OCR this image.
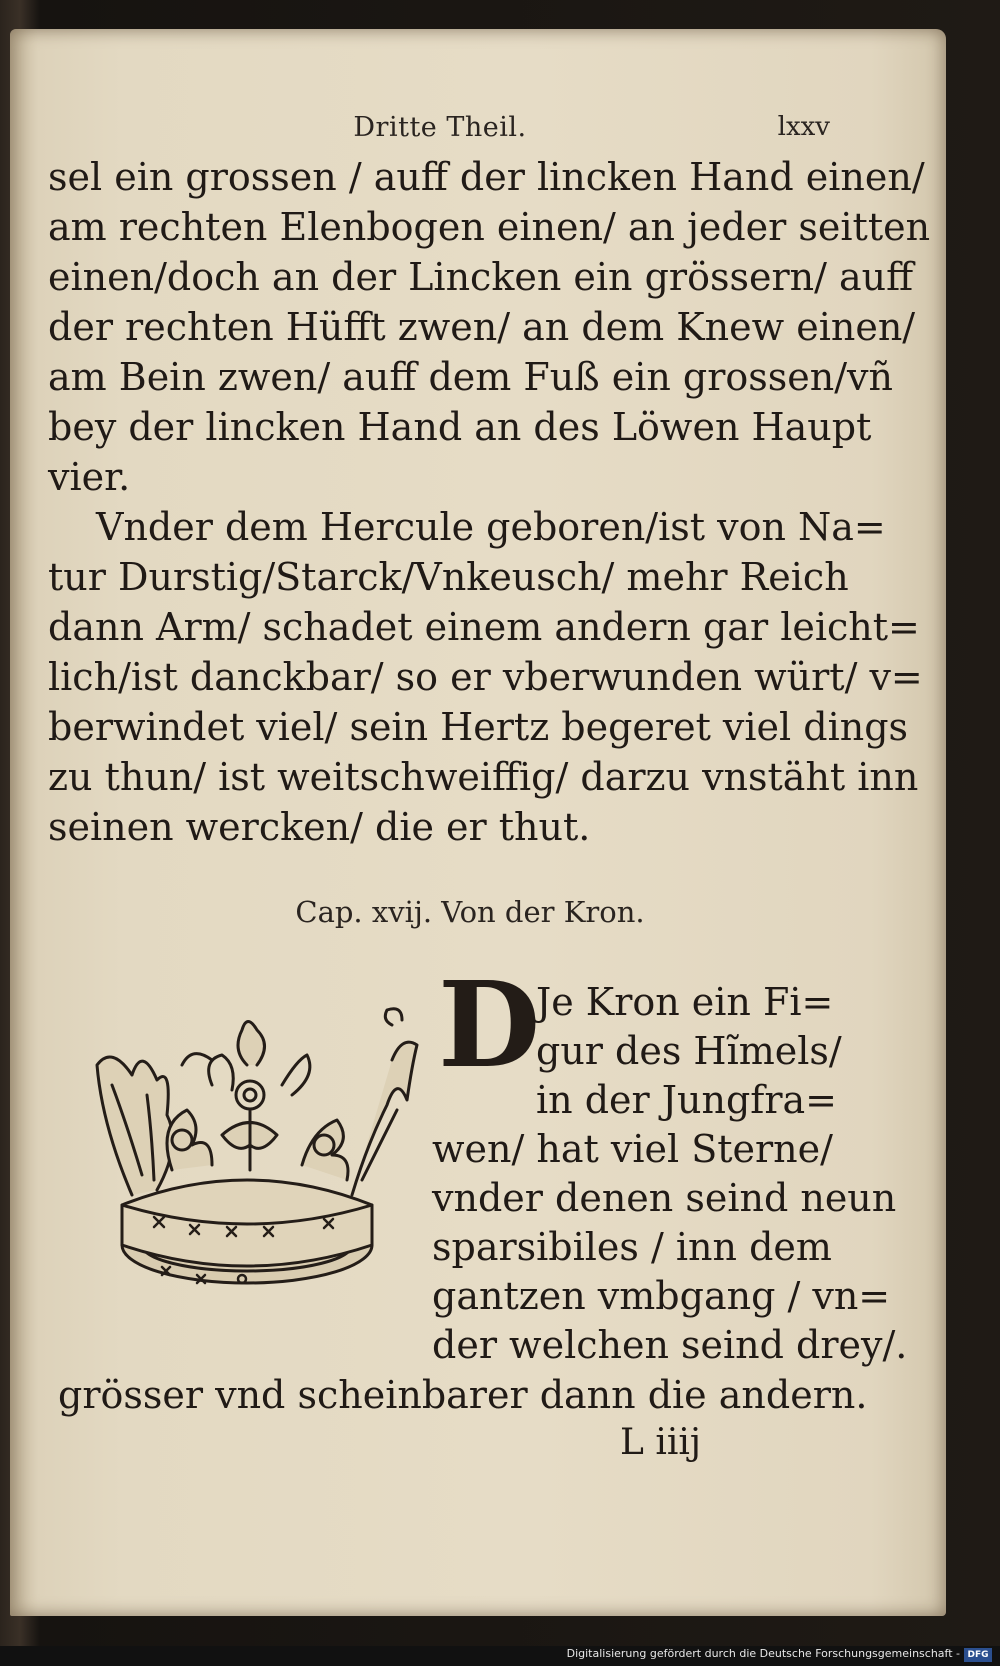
Dritte Theil.	lxxv
sel ein grossen / auff der lincken Hand einen/
am rechten Elenbogen einen/ an jeder seitten
einen/doch an der Lincken ein grössern/ auff
der rechten Hüfft zwen/ an dem Knew einen/
am Bein zwen/ auff dem Fuß ein grossen/vñ
bey der lincken Hand an des Löwen Haupt
vier.
Vnder dem Hercule geboren/ist von Na=
tur Durstig/Starck/Vnkeusch/ mehr Reich
dann Arm/ schadet einem andern gar leicht=
lich/ist danckbar/ so er vberwunden würt/ v=
berwindet viel/ sein Hertz begeret viel dings
zu thun/ ist weitschweiffig/ darzu vnstäht inn
seinen wercken/ die er thut.
Cap. xvij. Von der Kron.
D
Je Kron ein Fi=
gur des Hĩmels/
in der Jungfra=
wen/ hat viel Sterne/
vnder denen seind neun
sparsibiles / inn dem
gantzen vmbgang / vn=
der welchen seind drey/.
grösser vnd scheinbarer dann die andern.
L iiij
Digitalisierung gefördert durch die Deutsche Forschungsgemeinschaft - DFG
